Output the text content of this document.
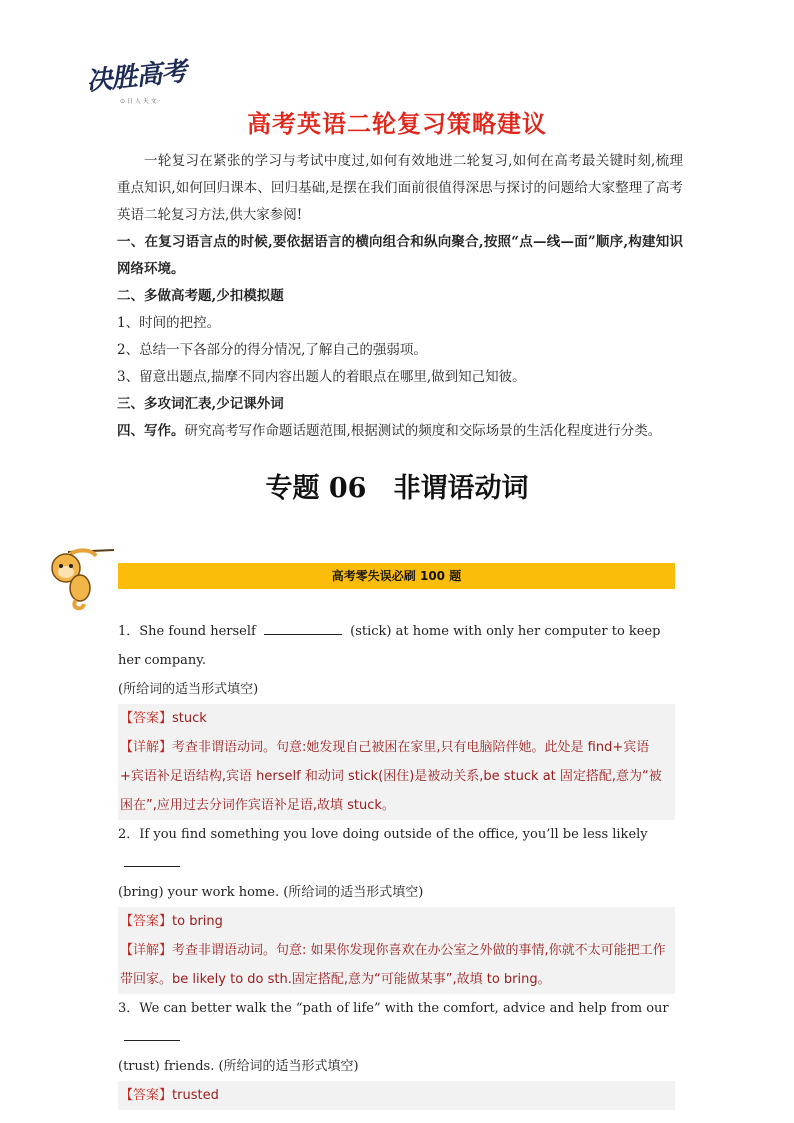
决胜高考
⊙ 日 人 天 文 ·
高考英语二轮复习策略建议

一轮复习在紧张的学习与考试中度过,如何有效地进二轮复习,如何在高考最关键时刻,梳理重点知识,如何回归课本、回归基础,是摆在我们面前很值得深思与探讨的问题给大家整理了高考英语二轮复习方法,供大家参阅!

一、在复习语言点的时候,要依据语言的横向组合和纵向聚合,按照“点—线—面”顺序,构建知识网络环境。

二、多做高考题,少扣模拟题

1、时间的把控。

2、总结一下各部分的得分情况,了解自己的强弱项。

3、留意出题点,揣摩不同内容出题人的着眼点在哪里,做到知己知彼。

三、多攻词汇表,少记课外词

四、写作。研究高考写作命题话题范围,根据测试的频度和交际场景的生活化程度进行分类。

专题 06　非谓语动词
高考零失误必刷 100 题

1．She found herself	(stick) at home with only her computer to keep her company.

(所给词的适当形式填空)

【答案】stuck

【详解】考查非谓语动词。句意:她发现自己被困在家里,只有电脑陪伴她。此处是 find+宾语+宾语补足语结构,宾语 herself 和动词 stick(困住)是被动关系,be stuck at 固定搭配,意为“被困在”,应用过去分词作宾语补足语,故填 stuck。

2．If you find something you love doing outside of the office, you’ll be less likely

(bring) your work home. (所给词的适当形式填空)

【答案】to bring

【详解】考查非谓语动词。句意: 如果你发现你喜欢在办公室之外做的事情,你就不太可能把工作带回家。be likely to do sth.固定搭配,意为“可能做某事”,故填 to bring。

3．We can better walk the “path of life” with the comfort, advice and help from our

(trust) friends. (所给词的适当形式填空)

【答案】trusted
